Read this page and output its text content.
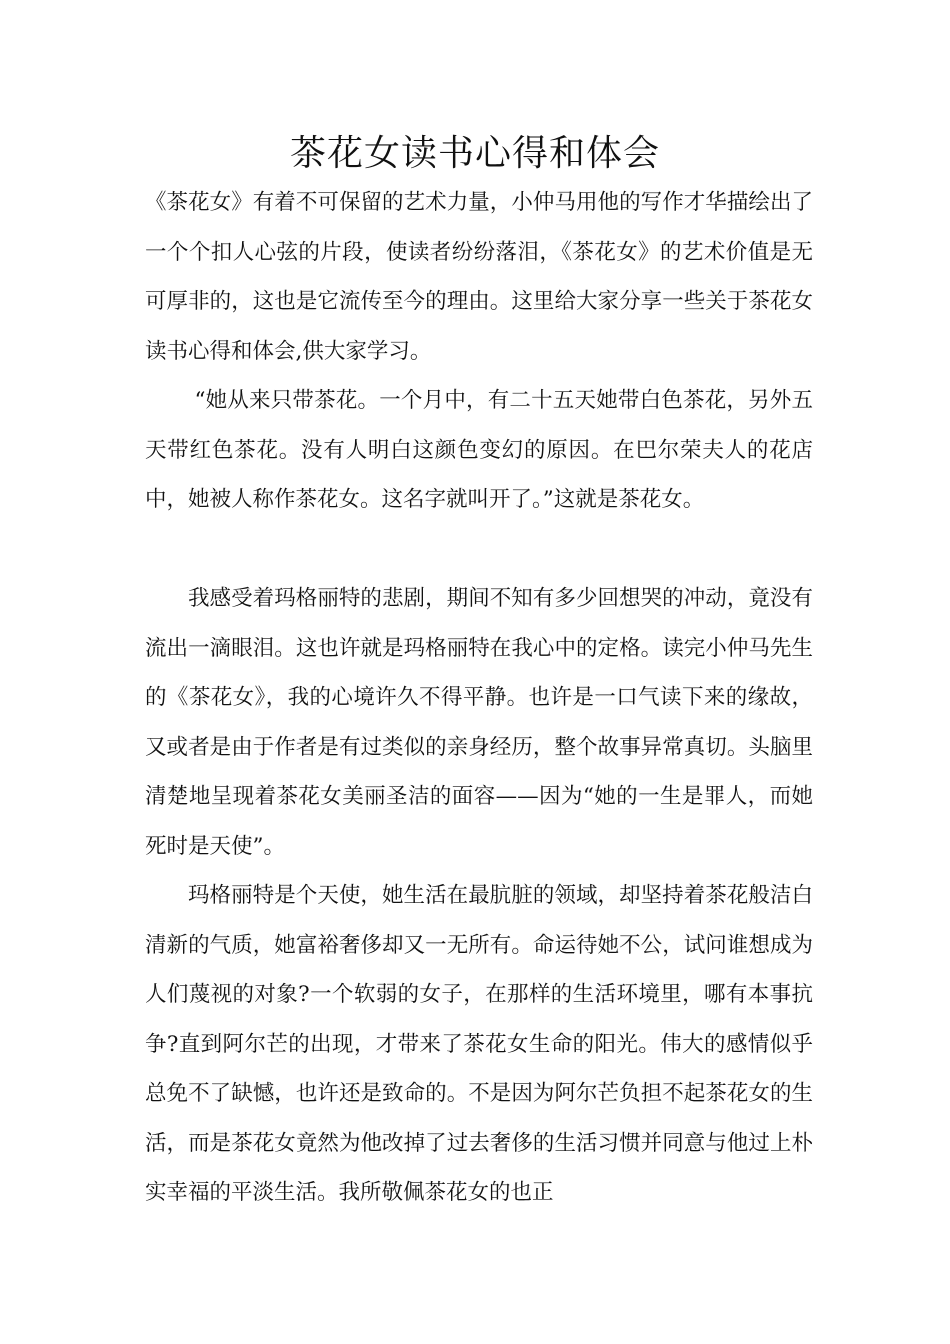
茶花女读书心得和体会

《茶花女》有着不可保留的艺术力量，小仲马用他的写作才华描绘出了一个个扣人心弦的片段，使读者纷纷落泪，《茶花女》的艺术价值是无可厚非的，这也是它流传至今的理由。这里给大家分享一些关于茶花女读书心得和体会,供大家学习。

“她从来只带茶花。一个月中，有二十五天她带白色茶花，另外五天带红色茶花。没有人明白这颜色变幻的原因。在巴尔荣夫人的花店中，她被人称作茶花女。这名字就叫开了。”这就是茶花女。

我感受着玛格丽特的悲剧，期间不知有多少回想哭的冲动，竟没有流出一滴眼泪。这也许就是玛格丽特在我心中的定格。读完小仲马先生的《茶花女》，我的心境许久不得平静。也许是一口气读下来的缘故，又或者是由于作者是有过类似的亲身经历，整个故事异常真切。头脑里清楚地呈现着茶花女美丽圣洁的面容——因为“她的一生是罪人，而她死时是天使”。

玛格丽特是个天使，她生活在最肮脏的领域，却坚持着茶花般洁白清新的气质，她富裕奢侈却又一无所有。命运待她不公，试问谁想成为人们蔑视的对象?一个软弱的女子，在那样的生活环境里，哪有本事抗争?直到阿尔芒的出现，才带来了茶花女生命的阳光。伟大的感情似乎总免不了缺憾，也许还是致命的。不是因为阿尔芒负担不起茶花女的生活，而是茶花女竟然为他改掉了过去奢侈的生活习惯并同意与他过上朴实幸福的平淡生活。我所敬佩茶花女的也正
